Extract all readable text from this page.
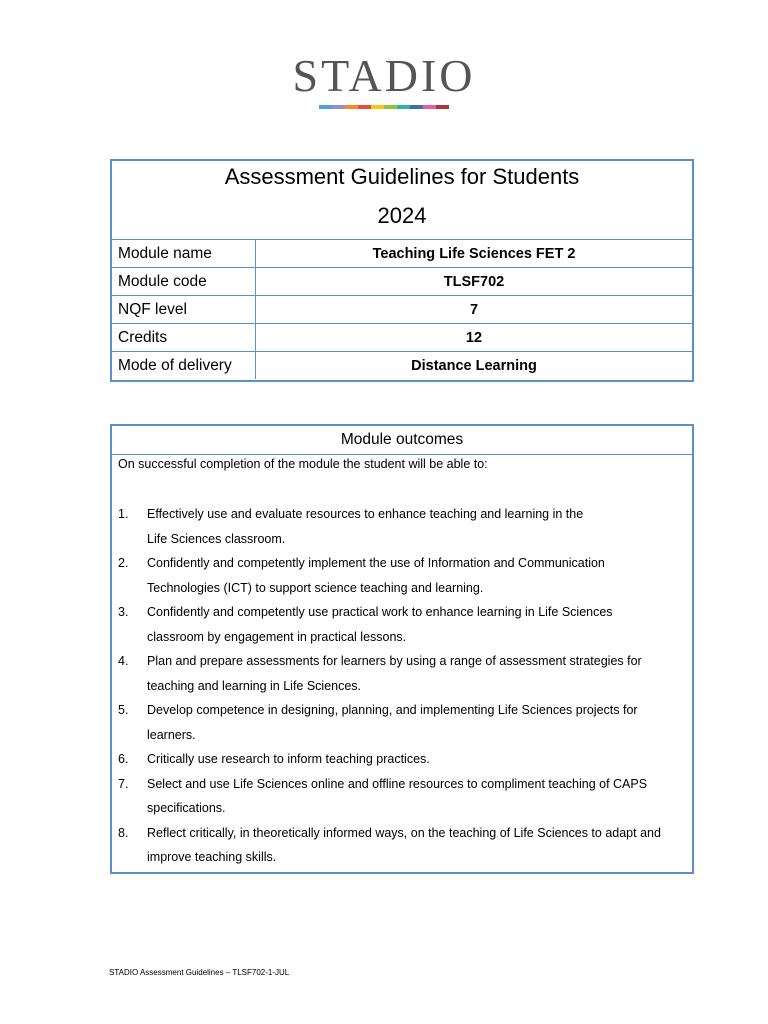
STADIO
Assessment Guidelines for Students
2024
Module name	Teaching Life Sciences FET 2
Module code	TLSF702
NQF level	7
Credits	12
Mode of delivery	Distance Learning
Module outcomes
On successful completion of the module the student will be able to:
1. Effectively use and evaluate resources to enhance teaching and learning in the
Life Sciences classroom.
2. Confidently and competently implement the use of Information and Communication
Technologies (ICT) to support science teaching and learning.
3. Confidently and competently use practical work to enhance learning in Life Sciences
classroom by engagement in practical lessons.
4. Plan and prepare assessments for learners by using a range of assessment strategies for
teaching and learning in Life Sciences.
5. Develop competence in designing, planning, and implementing Life Sciences projects for
learners.
6. Critically use research to inform teaching practices.
7. Select and use Life Sciences online and offline resources to compliment teaching of CAPS
specifications.
8. Reflect critically, in theoretically informed ways, on the teaching of Life Sciences to adapt and
improve teaching skills.
STADIO Assessment Guidelines – TLSF702-1-JUL
